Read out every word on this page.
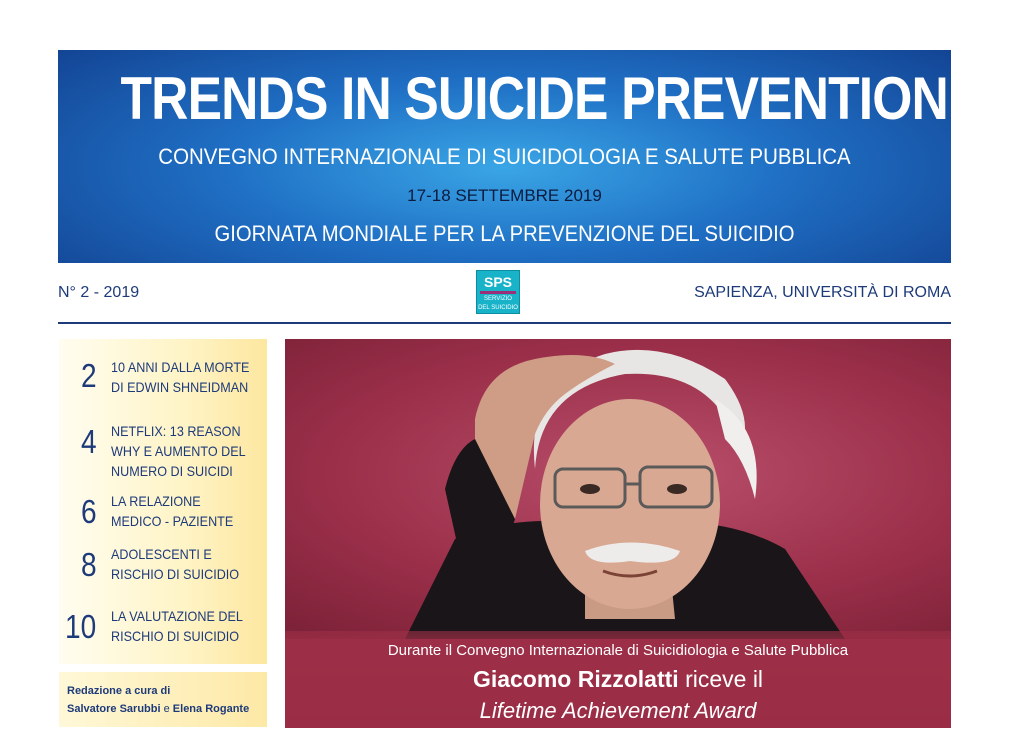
TRENDS IN SUICIDE PREVENTION
CONVEGNO INTERNAZIONALE DI SUICIDOLOGIA E SALUTE PUBBLICA
17-18 SETTEMBRE 2019
GIORNATA MONDIALE PER LA PREVENZIONE DEL SUICIDIO
N° 2 - 2019
SPS
SERVIZIO
DEL SUICIDIO
SAPIENZA, UNIVERSITÀ DI ROMA
2 10 ANNI DALLA MORTE
DI EDWIN SHNEIDMAN
4 NETFLIX: 13 REASON
WHY E AUMENTO DEL
NUMERO DI SUICIDI
6 LA RELAZIONE
MEDICO - PAZIENTE
8 ADOLESCENTI E
RISCHIO DI SUICIDIO
10 LA VALUTAZIONE DEL
RISCHIO DI SUICIDIO
Redazione a cura di
Salvatore Sarubbi e Elena Rogante
Durante il Convegno Internazionale di Suicidiologia e Salute Pubblica
Giacomo Rizzolatti riceve il
Lifetime Achievement Award
